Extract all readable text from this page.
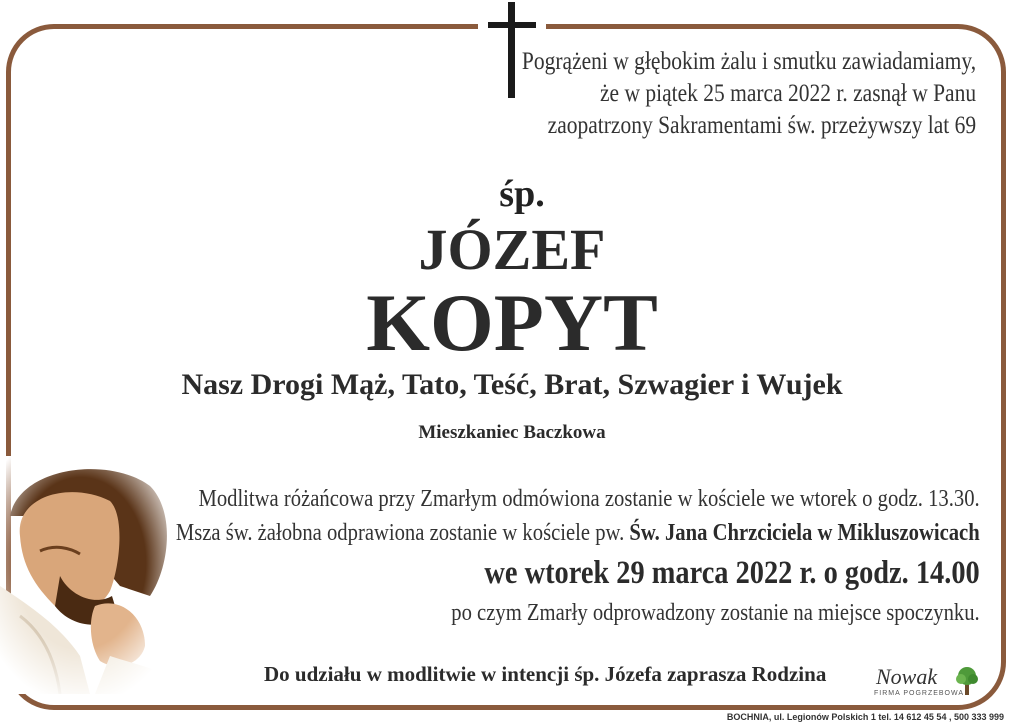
Pogrążeni w głębokim żalu i smutku zawiadamiamy,
że w piątek 25 marca 2022 r. zasnął w Panu
zaopatrzony Sakramentami św. przeżywszy lat 69
śp.
JÓZEF
KOPYT
Nasz Drogi Mąż, Tato, Teść, Brat, Szwagier i Wujek
Mieszkaniec Baczkowa
Modlitwa różańcowa przy Zmarłym odmówiona zostanie w kościele we wtorek o godz. 13.30.
Msza św. żałobna odprawiona zostanie w kościele pw. Św. Jana Chrzciciela w Mikluszowicach
we wtorek 29 marca 2022 r. o godz. 14.00
po czym Zmarły odprowadzony zostanie na miejsce spoczynku.
Do udziału w modlitwie w intencji śp. Józefa zaprasza Rodzina Nowak
FIRMA POGRZEBOWA
BOCHNIA, ul. Legionów Polskich 1 tel. 14 612 45 54 , 500 333 999
